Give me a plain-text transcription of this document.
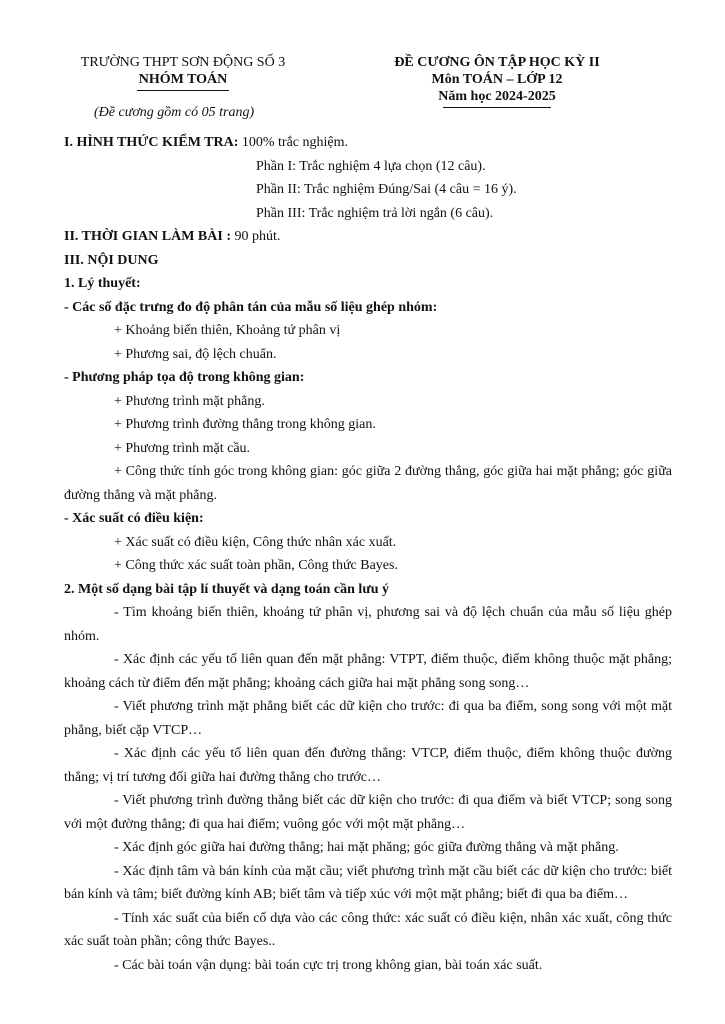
TRƯỜNG THPT SƠN ĐỘNG SỐ 3
NHÓM TOÁN
ĐỀ CƯƠNG ÔN TẬP HỌC KỲ II
Môn TOÁN – LỚP 12
Năm học 2024-2025
(Đề cương gồm có 05 trang)

I. HÌNH THỨC KIỂM TRA: 100% trắc nghiệm.

Phần I: Trắc nghiệm 4 lựa chọn (12 câu).

Phần II: Trắc nghiệm Đúng/Sai (4 câu = 16 ý).

Phần III: Trắc nghiệm trả lời ngắn (6 câu).

II. THỜI GIAN LÀM BÀI : 90 phút.

III. NỘI DUNG

1. Lý thuyết:

- Các số đặc trưng đo độ phân tán của mẫu số liệu ghép nhóm:

+ Khoảng biến thiên, Khoảng tứ phân vị

+ Phương sai, độ lệch chuẩn.

- Phương pháp tọa độ trong không gian:

+ Phương trình mặt phẳng.

+ Phương trình đường thẳng trong không gian.

+ Phương trình mặt cầu.

+ Công thức tính góc trong không gian: góc giữa 2 đường thẳng, góc giữa hai mặt phẳng; góc giữa đường thẳng và mặt phẳng.

- Xác suất có điều kiện:

+ Xác suất có điều kiện, Công thức nhân xác xuất.

+ Công thức xác suất toàn phần, Công thức Bayes.

2. Một số dạng bài tập lí thuyết và dạng toán cần lưu ý

- Tìm khoảng biến thiên, khoảng tứ phân vị, phương sai và độ lệch chuẩn của mẫu số liệu ghép nhóm.

- Xác định các yếu tố liên quan đến mặt phẳng: VTPT, điểm thuộc, điểm không thuộc mặt phẳng; khoảng cách từ điểm đến mặt phẳng; khoảng cách giữa hai mặt phẳng song song…

- Viết phương trình mặt phẳng biết các dữ kiện cho trước: đi qua ba điểm, song song với một mặt phẳng, biết cặp VTCP…

- Xác định các yếu tố liên quan đến đường thẳng: VTCP, điểm thuộc, điểm không thuộc đường thẳng; vị trí tương đối giữa hai đường thẳng cho trước…

- Viết phương trình đường thẳng biết các dữ kiện cho trước: đi qua điểm và biết VTCP; song song với một đường thẳng; đi qua hai điểm; vuông góc với một mặt phẳng…

- Xác định góc giữa hai đường thẳng; hai mặt phăng; góc giữa đường thẳng và mặt phẳng.

- Xác định tâm và bán kính của mặt cầu; viết phương trình mặt cầu biết các dữ kiện cho trước: biết bán kính và tâm; biết đường kính AB; biết tâm và tiếp xúc với một mặt phẳng; biết đi qua ba điểm…

- Tính xác suất của biến cố dựa vào các công thức: xác suất có điều kiện, nhân xác xuất, công thức xác suất toàn phần; công thức Bayes..

- Các bài toán vận dụng: bài toán cực trị trong không gian, bài toán xác suất.
